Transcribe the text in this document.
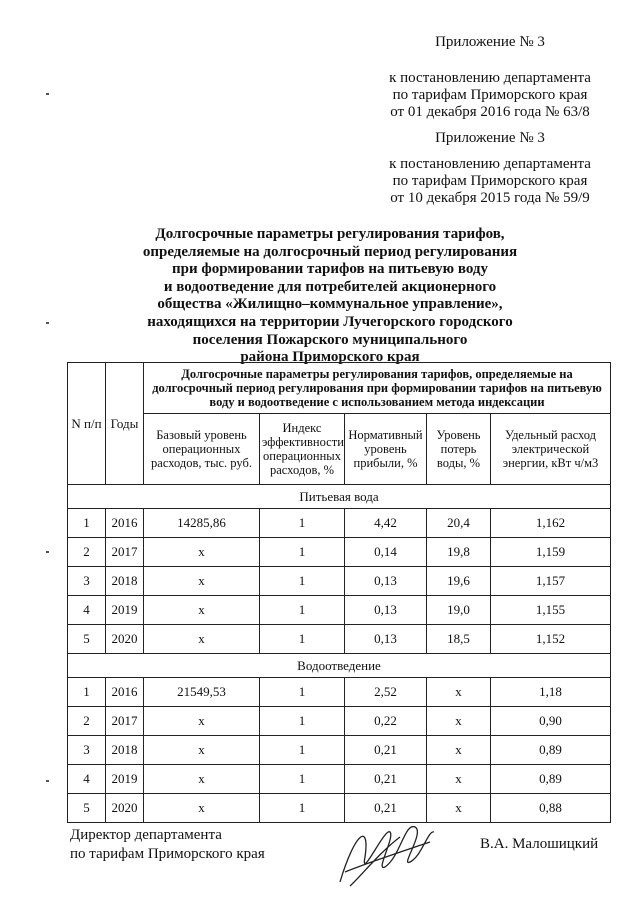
Приложение № 3
к постановлению департамента
по тарифам Приморского края
от 01 декабря 2016 года № 63/8
Приложение № 3
к постановлению департамента
по тарифам Приморского края
от 10 декабря 2015 года № 59/9
Долгосрочные параметры регулирования тарифов,
определяемые на долгосрочный период регулирования
при формировании тарифов на питьевую воду
и водоотведение для потребителей акционерного
общества «Жилищно–коммунальное управление»,
находящихся на территории Лучегорского городского
поселения Пожарского муниципального
района Приморского края
N п/п	Годы	Долгосрочные параметры регулирования тарифов, определяемые на долгосрочный период регулирования при формировании тарифов на питьевую воду и водоотведение с использованием метода индексации				
		Базовый уровень операционных расходов, тыс. руб.	Индекс эффективности операционных расходов, %	Нормативный уровень прибыли, %	Уровень потерь воды, %	Удельный расход электрической энергии, кВт ч/м3
Питьевая вода						
1	2016	14285,86	1	4,42	20,4	1,162
2	2017	х	1	0,14	19,8	1,159
3	2018	х	1	0,13	19,6	1,157
4	2019	х	1	0,13	19,0	1,155
5	2020	х	1	0,13	18,5	1,152
Водоотведение						
1	2016	21549,53	1	2,52	х	1,18
2	2017	х	1	0,22	х	0,90
3	2018	х	1	0,21	х	0,89
4	2019	х	1	0,21	х	0,89
5	2020	х	1	0,21	х	0,88
Директор департамента
по тарифам Приморского края
В.А. Малошицкий
